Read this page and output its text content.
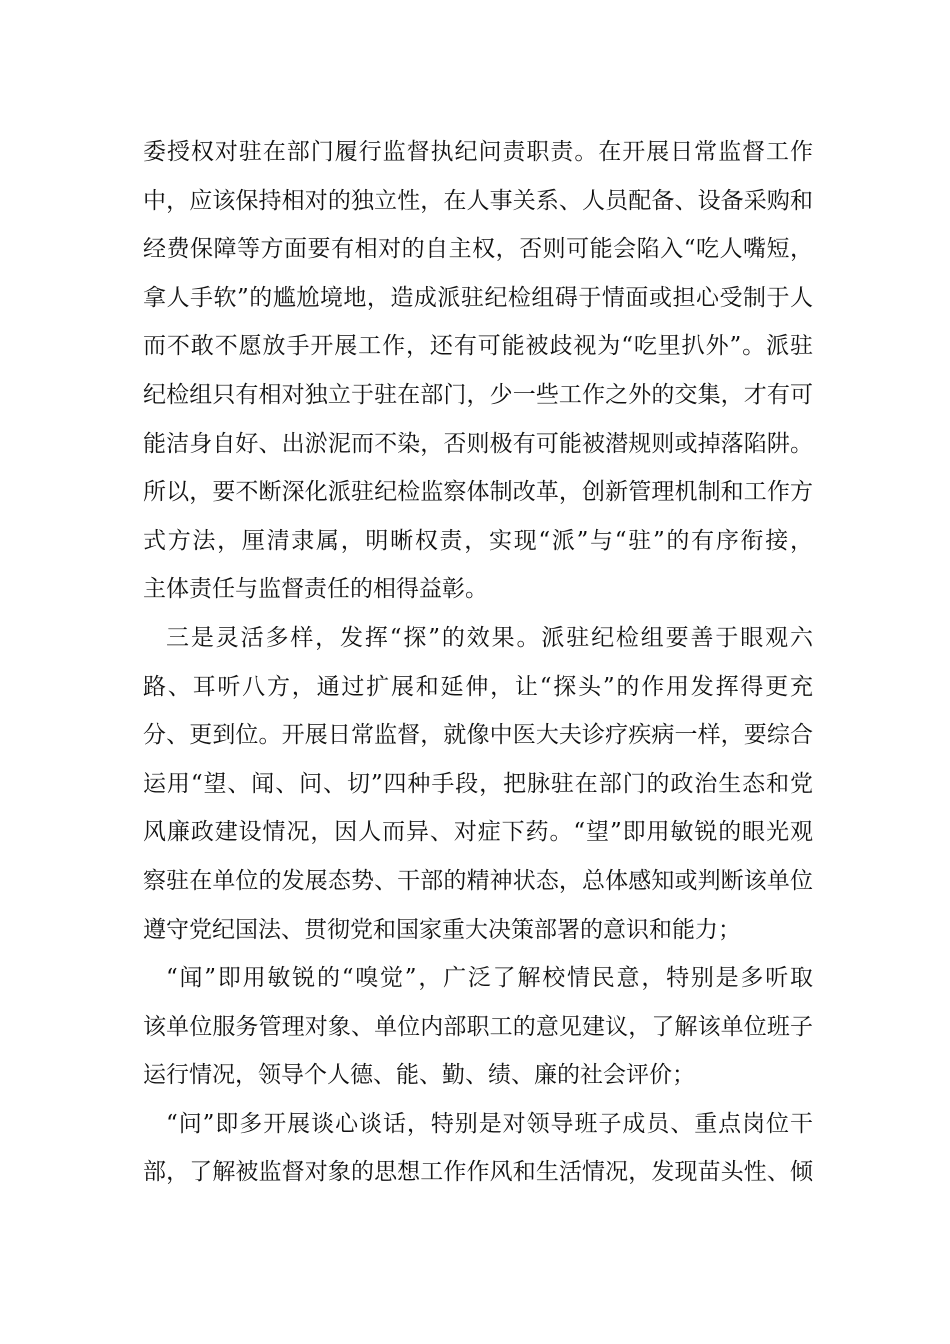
委授权对驻在部门履行监督执纪问责职责。在开展日常监督工作
中，应该保持相对的独立性，在人事关系、人员配备、设备采购和
经费保障等方面要有相对的自主权，否则可能会陷入“吃人嘴短，
拿人手软”的尴尬境地，造成派驻纪检组碍于情面或担心受制于人
而不敢不愿放手开展工作，还有可能被歧视为“吃里扒外”。派驻
纪检组只有相对独立于驻在部门，少一些工作之外的交集，才有可
能洁身自好、出淤泥而不染，否则极有可能被潜规则或掉落陷阱。
所以，要不断深化派驻纪检监察体制改革，创新管理机制和工作方
式方法，厘清隶属，明晰权责，实现“派”与“驻”的有序衔接，
主体责任与监督责任的相得益彰。
三是灵活多样，发挥“探”的效果。派驻纪检组要善于眼观六
路、耳听八方，通过扩展和延伸，让“探头”的作用发挥得更充
分、更到位。开展日常监督，就像中医大夫诊疗疾病一样，要综合
运用“望、闻、问、切”四种手段，把脉驻在部门的政治生态和党
风廉政建设情况，因人而异、对症下药。“望”即用敏锐的眼光观
察驻在单位的发展态势、干部的精神状态，总体感知或判断该单位
遵守党纪国法、贯彻党和国家重大决策部署的意识和能力；
“闻”即用敏锐的“嗅觉”，广泛了解校情民意，特别是多听取
该单位服务管理对象、单位内部职工的意见建议，了解该单位班子
运行情况，领导个人德、能、勤、绩、廉的社会评价；
“问”即多开展谈心谈话，特别是对领导班子成员、重点岗位干
部，了解被监督对象的思想工作作风和生活情况，发现苗头性、倾
